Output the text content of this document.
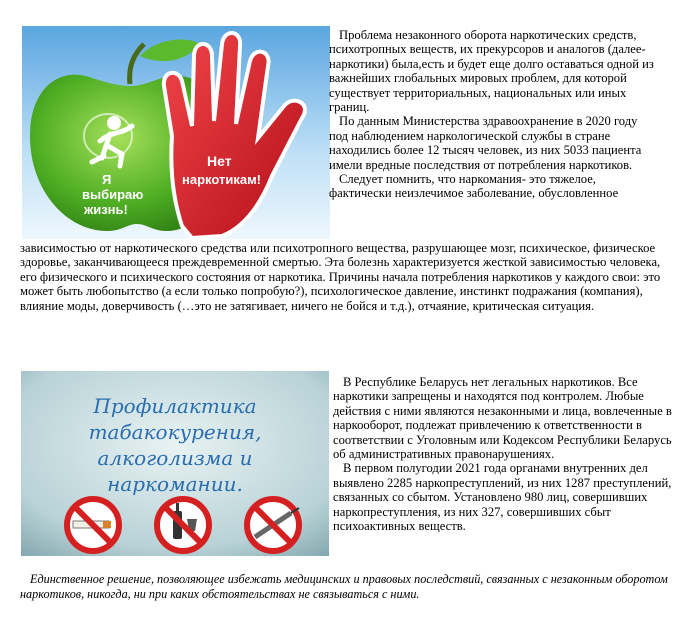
Я
выбираю
жизнь!
Нет
наркотикам!

Проблема незаконного оборота наркотических средств, психотропных веществ, их прекурсоров и аналогов (далее-наркотики) была,есть и будет еще долго оставаться одной из важнейших глобальных мировых проблем, для которой существует территориальных, национальных или иных границ.

По данным Министерства здравоохранение в 2020 году под наблюдением наркологической службы в стране находились более 12 тысяч человек, из них 5033 пациента имели вредные последствия от потребления наркотиков.

Следует помнить, что наркомания- это тяжелое, фактически неизлечимое заболевание, обусловленное

зависимостью от наркотического средства или психотропного вещества, разрушающее мозг, психическое, физическое здоровье, заканчивающееся преждевременной смертью. Эта болезнь характеризуется жесткой зависимостью человека, его физического и психического состояния от наркотика. Причины начала потребления наркотиков у каждого свои: это может быть любопытство (а если только попробую?), психологическое давление, инстинкт подражания (компания), влияние моды, доверчивость (…это не затягивает, ничего не бойся и т.д.), отчаяние, критическая ситуация.

Профилактика
табакокурения,
алкоголизма и
наркомании.

В Республике Беларусь нет легальных наркотиков. Все наркотики запрещены и находятся под контролем. Любые действия с ними являются незаконными и лица, вовлеченные в наркооборот, подлежат привлечению к ответственности в соответствии с Уголовным или Кодексом Республики Беларусь об административных правонарушениях.

В первом полугодии 2021 года органами внутренних дел выявлено 2285 наркопреступлений, из них 1287 преступлений, связанных со сбытом. Установлено 980 лиц, совершивших наркопреступления, из них 327, совершивших сбыт психоактивных веществ.

Единственное решение, позволяющее избежать медицинских и правовых последствий, связанных с незаконным оборотом наркотиков, никогда, ни при каких обстоятельствах не связываться с ними.
